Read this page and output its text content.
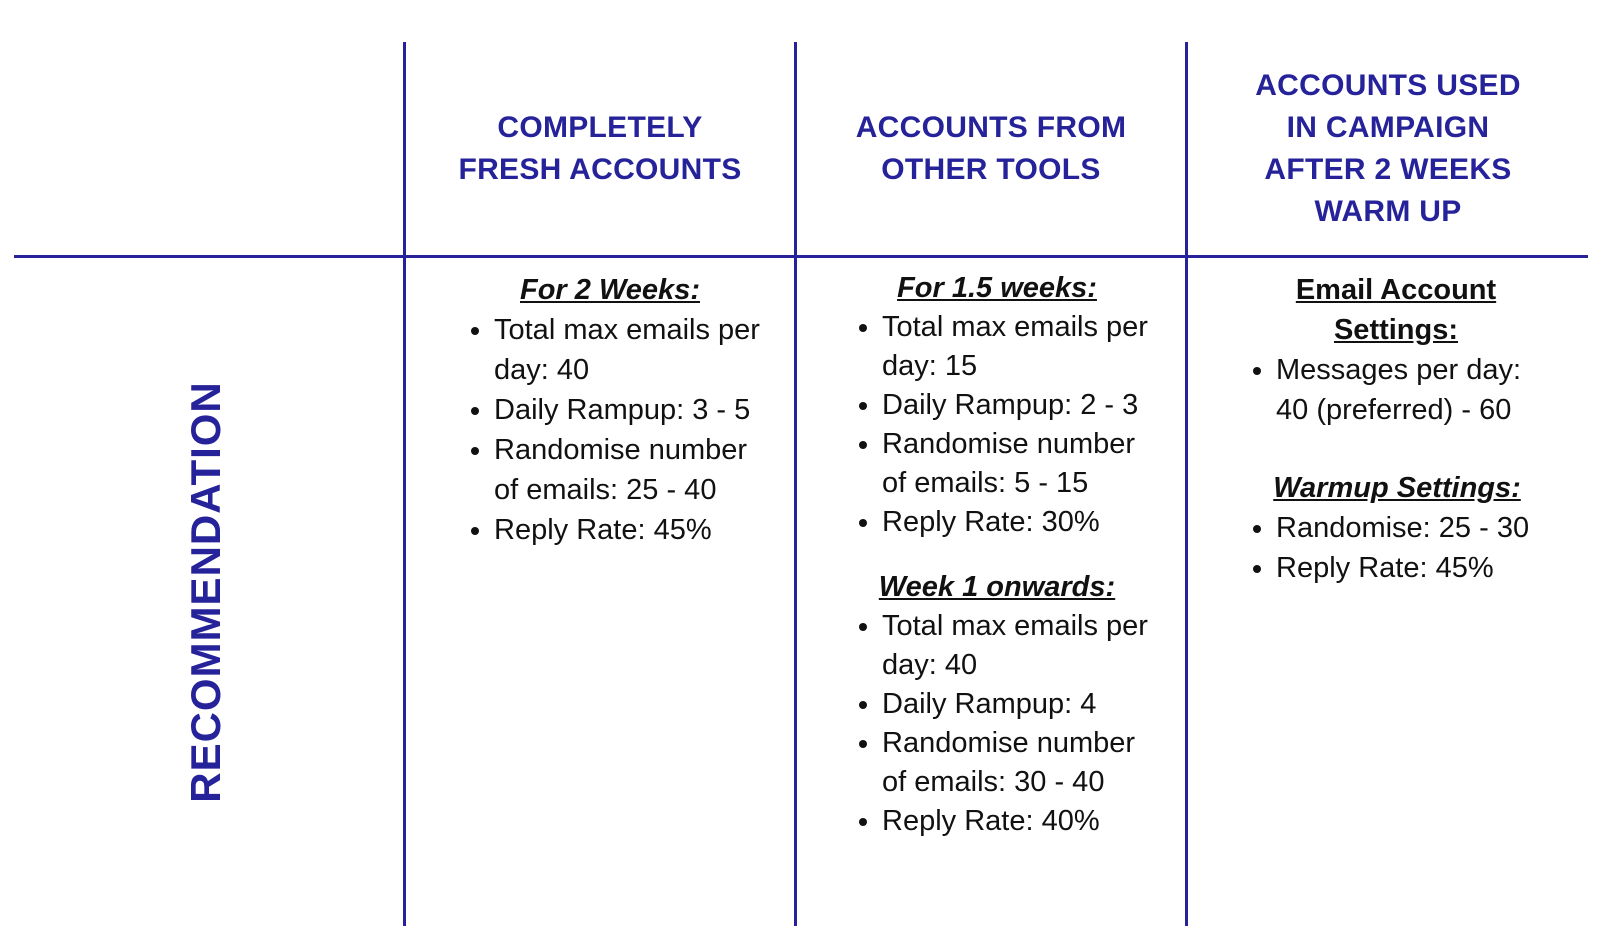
COMPLETELY
FRESH ACCOUNTS
ACCOUNTS FROM
OTHER TOOLS
ACCOUNTS USED
IN CAMPAIGN
AFTER 2 WEEKS
WARM UP
RECOMMENDATION
For 2 Weeks:
• Total max emails per day: 40
• Daily Rampup: 3 - 5
• Randomise number of emails: 25 - 40
• Reply Rate: 45%
For 1.5 weeks:
• Total max emails per day: 15
• Daily Rampup: 2 - 3
• Randomise number of emails: 5 - 15
• Reply Rate: 30%
Week 1 onwards:
• Total max emails per day: 40
• Daily Rampup: 4
• Randomise number of emails: 30 - 40
• Reply Rate: 40%
Email Account Settings:
• Messages per day: 40 (preferred) - 60
Warmup Settings:
• Randomise: 25 - 30
• Reply Rate: 45%
